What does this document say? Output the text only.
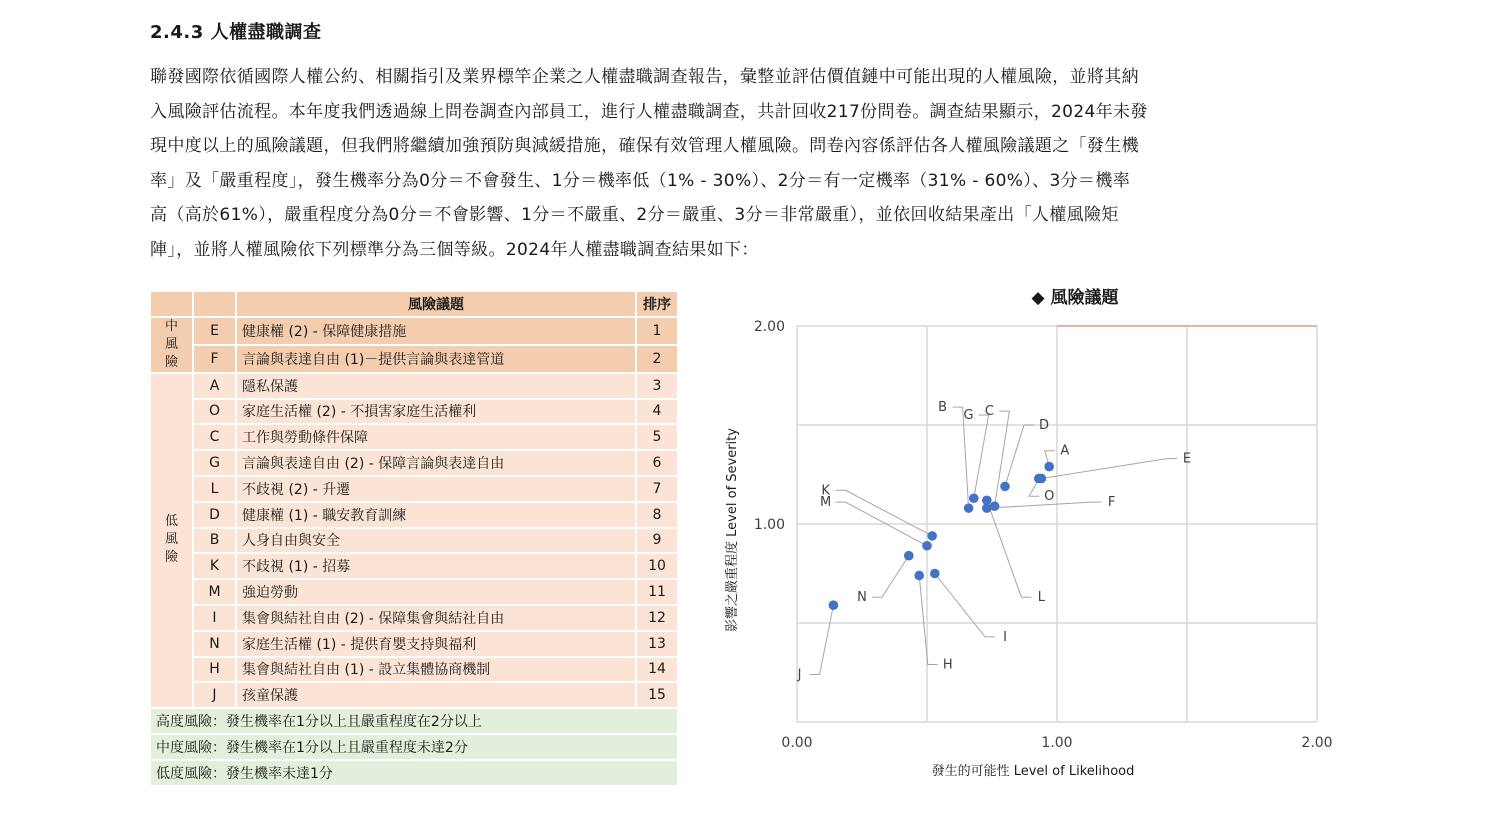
2.4.3 人權盡職調查
聯發國際依循國際人權公約、相關指引及業界標竿企業之人權盡職調查報告，彙整並評估價值鏈中可能出現的人權風險，並將其納
入風險評估流程。本年度我們透過線上問卷調查內部員工，進行人權盡職調查，共計回收217份問卷。調查結果顯示，2024年未發
現中度以上的風險議題，但我們將繼續加強預防與減緩措施，確保有效管理人權風險。問卷內容係評估各人權風險議題之「發生機
率」及「嚴重程度」，發生機率分為0分＝不會發生、1分＝機率低（1% - 30%）、2分＝有一定機率（31% - 60%）、3分＝機率
高（高於61%），嚴重程度分為0分＝不會影響、1分＝不嚴重、2分＝嚴重、3分＝非常嚴重），並依回收結果產出「人權風險矩
陣」，並將人權風險依下列標準分為三個等級。2024年人權盡職調查結果如下：
		風險議題	排序
中風險	E	健康權 (2) - 保障健康措施	1
	F	言論與表達自由 (1)－提供言論與表達管道	2
低風險	A	隱私保護	3
	O	家庭生活權 (2) - 不損害家庭生活權利	4
	C	工作與勞動條件保障	5
	G	言論與表達自由 (2) - 保障言論與表達自由	6
	L	不歧視 (2) - 升遷	7
	D	健康權 (1) - 職安教育訓練	8
	B	人身自由與安全	9
	K	不歧視 (1) - 招募	10
	M	強迫勞動	11
	I	集會與結社自由 (2) - 保障集會與結社自由	12
	N	家庭生活權 (1) - 提供育嬰支持與福利	13
	H	集會與結社自由 (1) - 設立集體協商機制	14
	J	孩童保護	15
高度風險：發生機率在1分以上且嚴重程度在2分以上			
中度風險：發生機率在1分以上且嚴重程度未達2分			
低度風險：發生機率未達1分			
◆ 風險議題
0.00	1.00	2.00
1.00
2.00
發生的可能性 Level of Likelihood
影響之嚴重程度 Level of Severity	A
B	C
D
E
F
G
H
I
J
K
L
M
N
O
